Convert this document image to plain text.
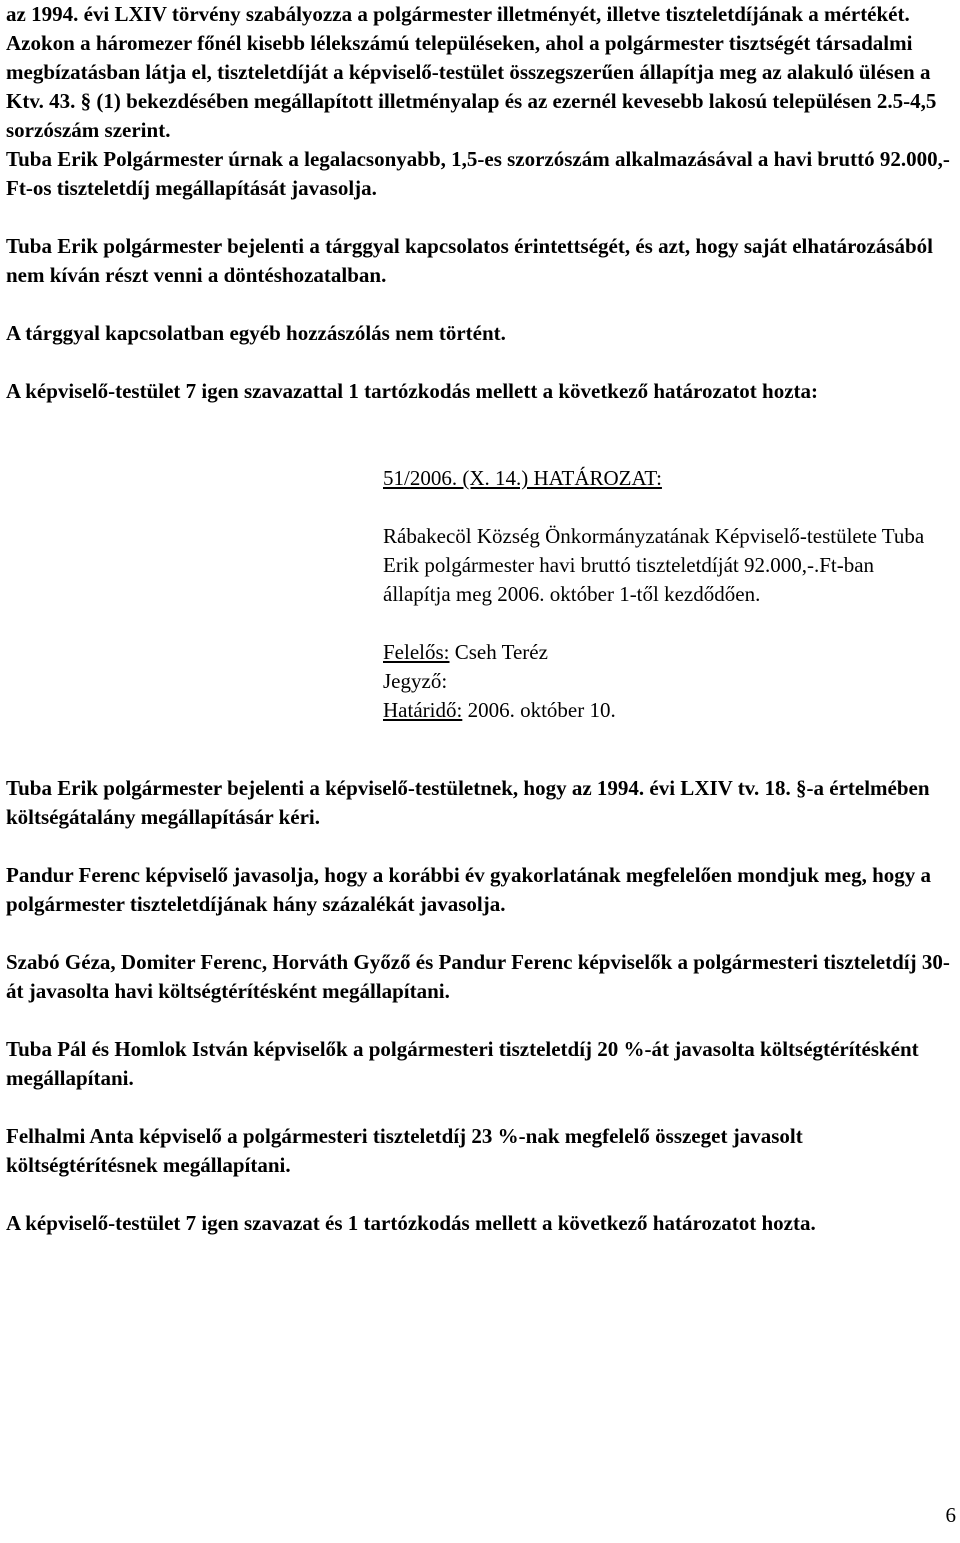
az 1994. évi LXIV törvény szabályozza a polgármester illetményét, illetve tiszteletdíjának a mértékét.

Azokon a háromezer főnél kisebb lélekszámú településeken, ahol a polgármester tisztségét társadalmi megbízatásban látja el, tiszteletdíját a képviselő-testület összegszerűen állapítja meg az alakuló ülésen a Ktv. 43. § (1) bekezdésében megállapított illetményalap és az ezernél kevesebb lakosú településen 2.5-4,5 sorzószám szerint.

Tuba Erik Polgármester úrnak a legalacsonyabb, 1,5-es szorzószám alkalmazásával a havi bruttó 92.000,-Ft-os tiszteletdíj megállapítását javasolja.

Tuba Erik polgármester bejelenti a tárggyal kapcsolatos érintettségét, és azt, hogy saját elhatározásából nem kíván részt venni a döntéshozatalban.

A tárggyal kapcsolatban egyéb hozzászólás nem történt.

A képviselő-testület 7 igen szavazattal 1 tartózkodás mellett a következő határozatot hozta:

51/2006. (X. 14.) HATÁROZAT:

Rábakecöl Község Önkormányzatának Képviselő-testülete Tuba Erik polgármester havi bruttó tiszteletdíját 92.000,-.Ft-ban állapítja meg 2006. október 1-től kezdődően.

Felelős: Cseh Teréz

Jegyző:

Határidő: 2006. október 10.

Tuba Erik polgármester bejelenti a képviselő-testületnek, hogy az 1994. évi LXIV tv. 18. §-a értelmében költségátalány megállapításár kéri.

Pandur Ferenc képviselő javasolja, hogy a korábbi év gyakorlatának megfelelően mondjuk meg, hogy a polgármester tiszteletdíjának hány százalékát javasolja.

Szabó Géza, Domiter Ferenc, Horváth Győző és Pandur Ferenc képviselők a polgármesteri tiszteletdíj 30-át javasolta havi költségtérítésként megállapítani.

Tuba Pál és Homlok István képviselők a polgármesteri tiszteletdíj 20 %-át javasolta költségtérítésként megállapítani.

Felhalmi Anta képviselő a polgármesteri tiszteletdíj 23 %-nak megfelelő összeget javasolt költségtérítésnek megállapítani.

A képviselő-testület 7 igen szavazat és 1 tartózkodás mellett a következő határozatot hozta.

6
